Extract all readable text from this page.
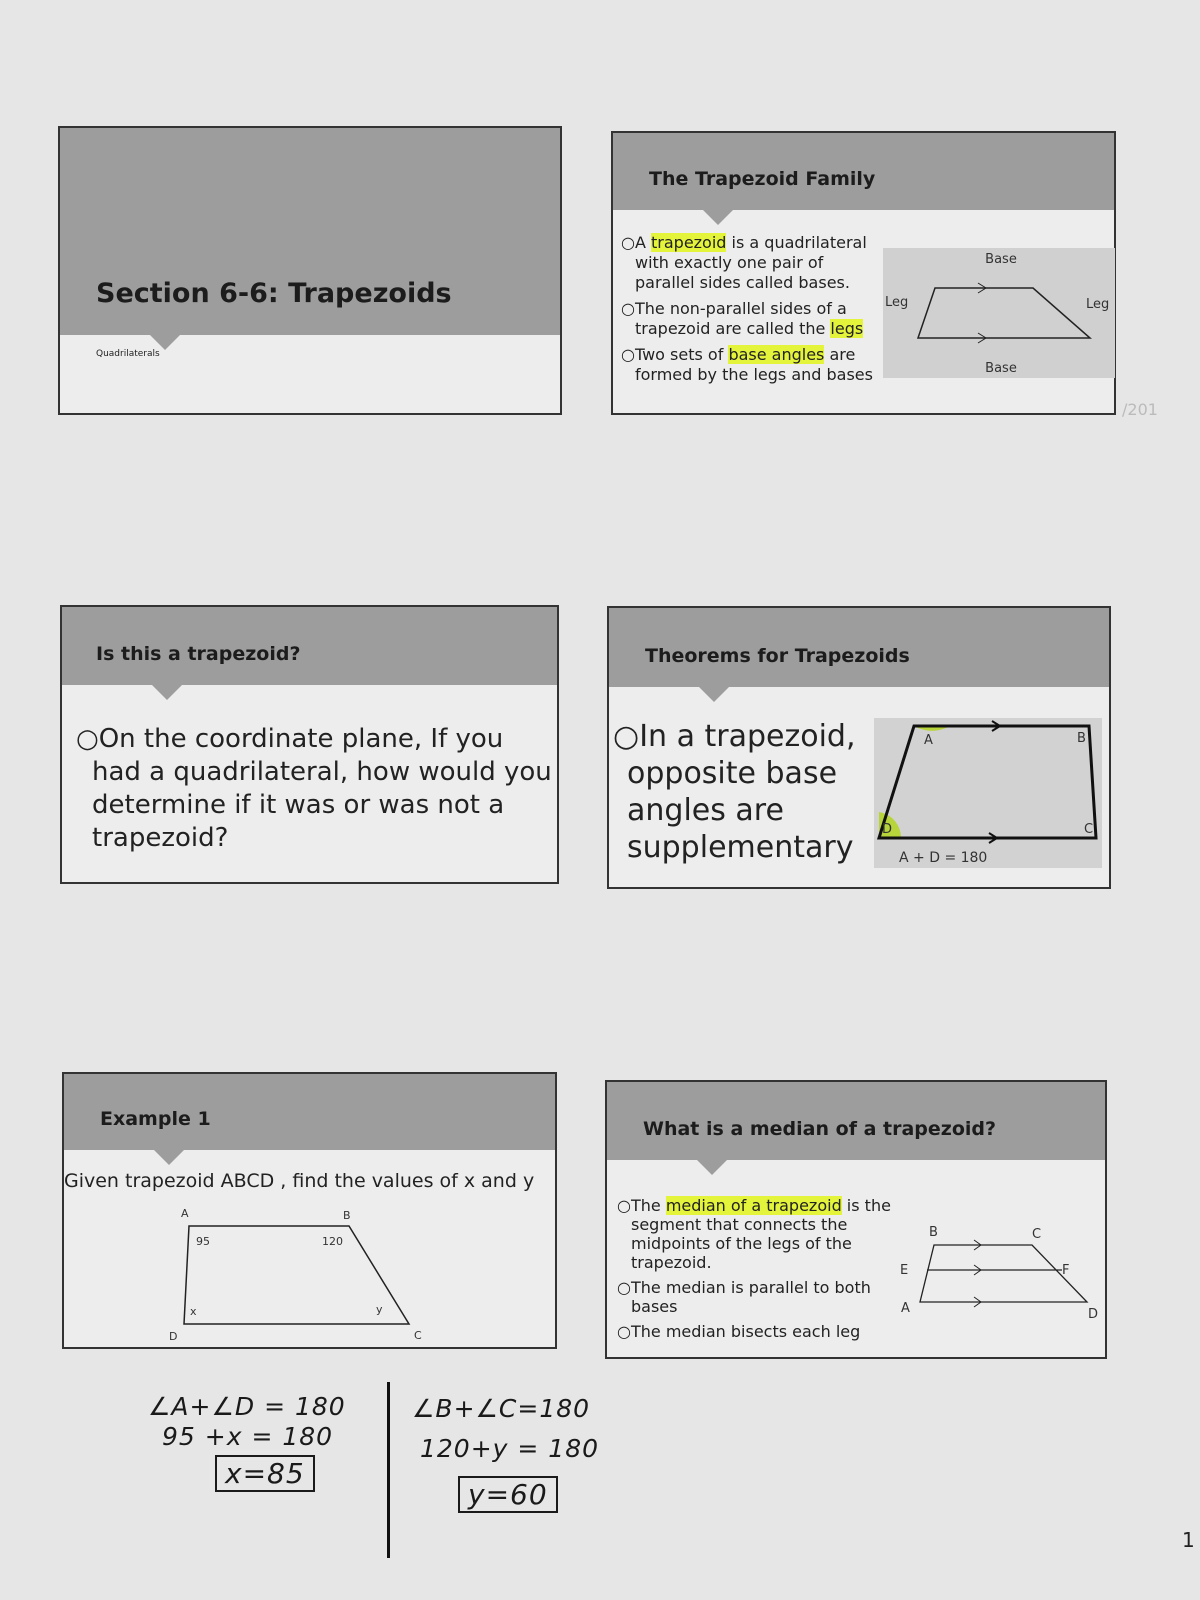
Section 6-6: Trapezoids
Quadrilaterals
The Trapezoid Family
○A trapezoid is a quadrilateral with exactly one pair of parallel sides called bases.
○The non-parallel sides of a trapezoid are called the legs
○Two sets of base angles are formed by the legs and bases
Base
Base
Leg	Leg
/201
Is this a trapezoid?
○On the coordinate plane, If you had a quadrilateral, how would you determine if it was or was not a trapezoid?
Theorems for Trapezoids
○In a trapezoid, opposite base angles are supplementary
A	B
C
D
A + D = 180
Example 1
Given trapezoid ABCD , find the values of x and y
A	B
C
D
95	120
x	y
∠A+∠D = 180
95 +x = 180
x=85
∠B+∠C=180
120+y = 180
y=60
What is a median of a trapezoid?
○The median of a trapezoid is the segment that connects the midpoints of the legs of the trapezoid.
○The median is parallel to both bases
○The median bisects each leg
B	C
E	F
A	D
1
